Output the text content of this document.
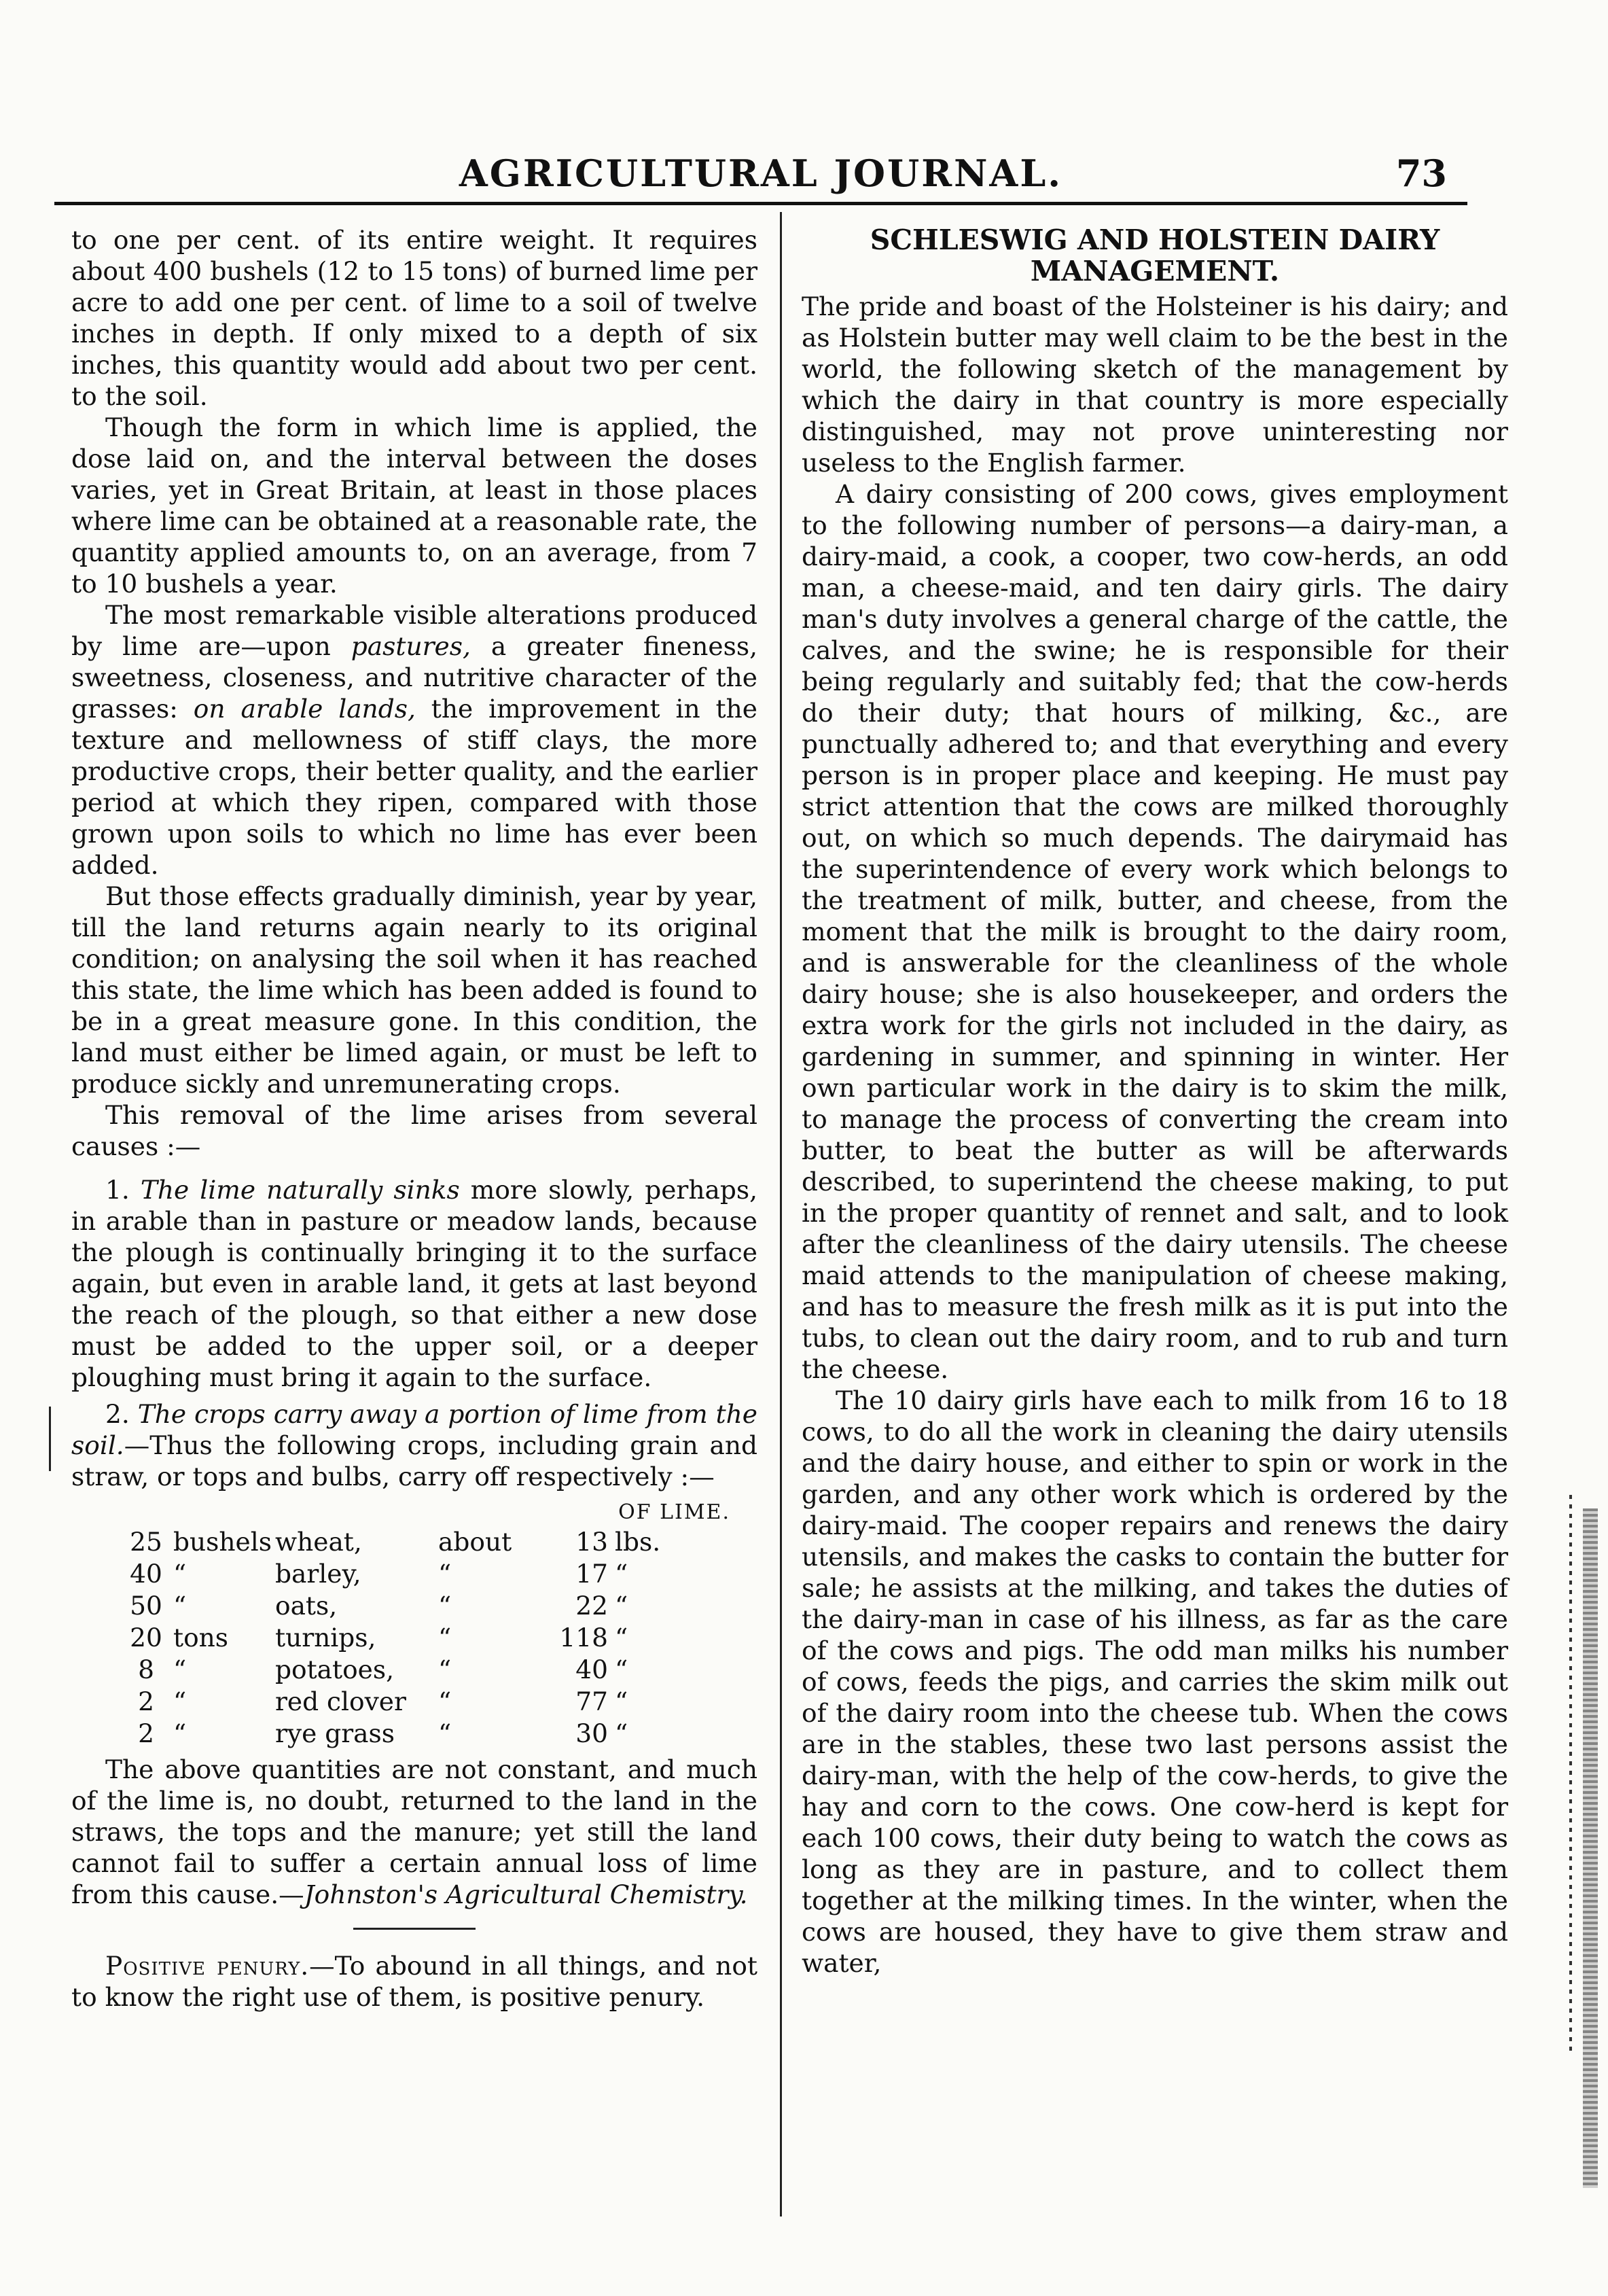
AGRICULTURAL JOURNAL.	73

to one per cent. of its entire weight. It requires about 400 bushels (12 to 15 tons) of burned lime per acre to add one per cent. of lime to a soil of twelve inches in depth. If only mixed to a depth of six inches, this quantity would add about two per cent. to the soil.

Though the form in which lime is applied, the dose laid on, and the interval between the doses varies, yet in Great Britain, at least in those places where lime can be obtained at a reasonable rate, the quantity applied amounts to, on an average, from 7 to 10 bushels a year.

The most remarkable visible alterations produced by lime are—upon pastures, a greater fineness, sweetness, closeness, and nutritive character of the grasses: on arable lands, the improvement in the texture and mellowness of stiff clays, the more productive crops, their better quality, and the earlier period at which they ripen, compared with those grown upon soils to which no lime has ever been added.

But those effects gradually diminish, year by year, till the land returns again nearly to its original condition; on analysing the soil when it has reached this state, the lime which has been added is found to be in a great measure gone. In this condition, the land must either be limed again, or must be left to produce sickly and unremunerating crops.

This removal of the lime arises from several causes :—

1. The lime naturally sinks more slowly, perhaps, in arable than in pasture or meadow lands, because the plough is continually bringing it to the surface again, but even in arable land, it gets at last beyond the reach of the plough, so that either a new dose must be added to the upper soil, or a deeper ploughing must bring it again to the surface.

2. The crops carry away a portion of lime from the soil.—Thus the following crops, including grain and straw, or tops and bulbs, carry off respectively :—

OF LIME.
25	bushels	wheat,	about	13	lbs.
40	“	barley,	“	17	“
50	“	oats,	“	22	“
20	tons	turnips,	“	118	“
8	“	potatoes,	“	40	“
2	“	red clover	“	77	“
2	“	rye grass	“	30	“

The above quantities are not constant, and much of the lime is, no doubt, returned to the land in the straws, the tops and the manure; yet still the land cannot fail to suffer a certain annual loss of lime from this cause.—Johnston's Agricultural Chemistry.

Positive penury.—To abound in all things, and not to know the right use of them, is positive penury.

SCHLESWIG AND HOLSTEIN DAIRY MANAGEMENT.

The pride and boast of the Holsteiner is his dairy; and as Holstein butter may well claim to be the best in the world, the following sketch of the management by which the dairy in that country is more especially distinguished, may not prove uninteresting nor useless to the English farmer.

A dairy consisting of 200 cows, gives employment to the following number of persons—a dairy-man, a dairy-maid, a cook, a cooper, two cow-herds, an odd man, a cheese-maid, and ten dairy girls. The dairy man's duty involves a general charge of the cattle, the calves, and the swine; he is responsible for their being regularly and suitably fed; that the cow-herds do their duty; that hours of milking, &c., are punctually adhered to; and that everything and every person is in proper place and keeping. He must pay strict attention that the cows are milked thoroughly out, on which so much depends. The dairymaid has the superintendence of every work which belongs to the treatment of milk, butter, and cheese, from the moment that the milk is brought to the dairy room, and is answerable for the cleanliness of the whole dairy house; she is also housekeeper, and orders the extra work for the girls not included in the dairy, as gardening in summer, and spinning in winter. Her own particular work in the dairy is to skim the milk, to manage the process of converting the cream into butter, to beat the butter as will be afterwards described, to superintend the cheese making, to put in the proper quantity of rennet and salt, and to look after the cleanliness of the dairy utensils. The cheese maid attends to the manipulation of cheese making, and has to measure the fresh milk as it is put into the tubs, to clean out the dairy room, and to rub and turn the cheese.

The 10 dairy girls have each to milk from 16 to 18 cows, to do all the work in cleaning the dairy utensils and the dairy house, and either to spin or work in the garden, and any other work which is ordered by the dairy-maid. The cooper repairs and renews the dairy utensils, and makes the casks to contain the butter for sale; he assists at the milking, and takes the duties of the dairy-man in case of his illness, as far as the care of the cows and pigs. The odd man milks his number of cows, feeds the pigs, and carries the skim milk out of the dairy room into the cheese tub. When the cows are in the stables, these two last persons assist the dairy-man, with the help of the cow-herds, to give the hay and corn to the cows. One cow-herd is kept for each 100 cows, their duty being to watch the cows as long as they are in pasture, and to collect them together at the milking times. In the winter, when the cows are housed, they have to give them straw and water,
